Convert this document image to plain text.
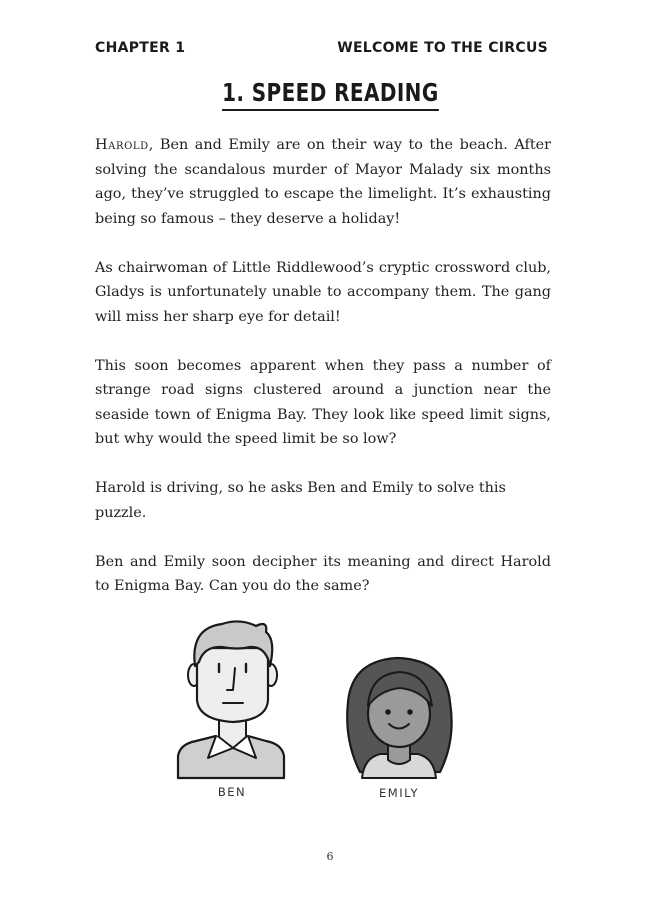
CHAPTER 1	WELCOME TO THE CIRCUS
1. SPEED READING

Harold, Ben and Emily are on their way to the beach. After solving the scandalous murder of Mayor Malady six months ago, they’ve struggled to escape the limelight. It’s exhausting being so famous – they deserve a holiday!

As chairwoman of Little Riddlewood’s cryptic crossword club, Gladys is unfortunately unable to accompany them. The gang will miss her sharp eye for detail!

This soon becomes apparent when they pass a number of strange road signs clustered around a junction near the seaside town of Enigma Bay. They look like speed limit signs, but why would the speed limit be so low?

Harold is driving, so he asks Ben and Emily to solve this puzzle.

Ben and Emily soon decipher its meaning and direct Harold to Enigma Bay. Can you do the same?

BEN	EMILY
6
